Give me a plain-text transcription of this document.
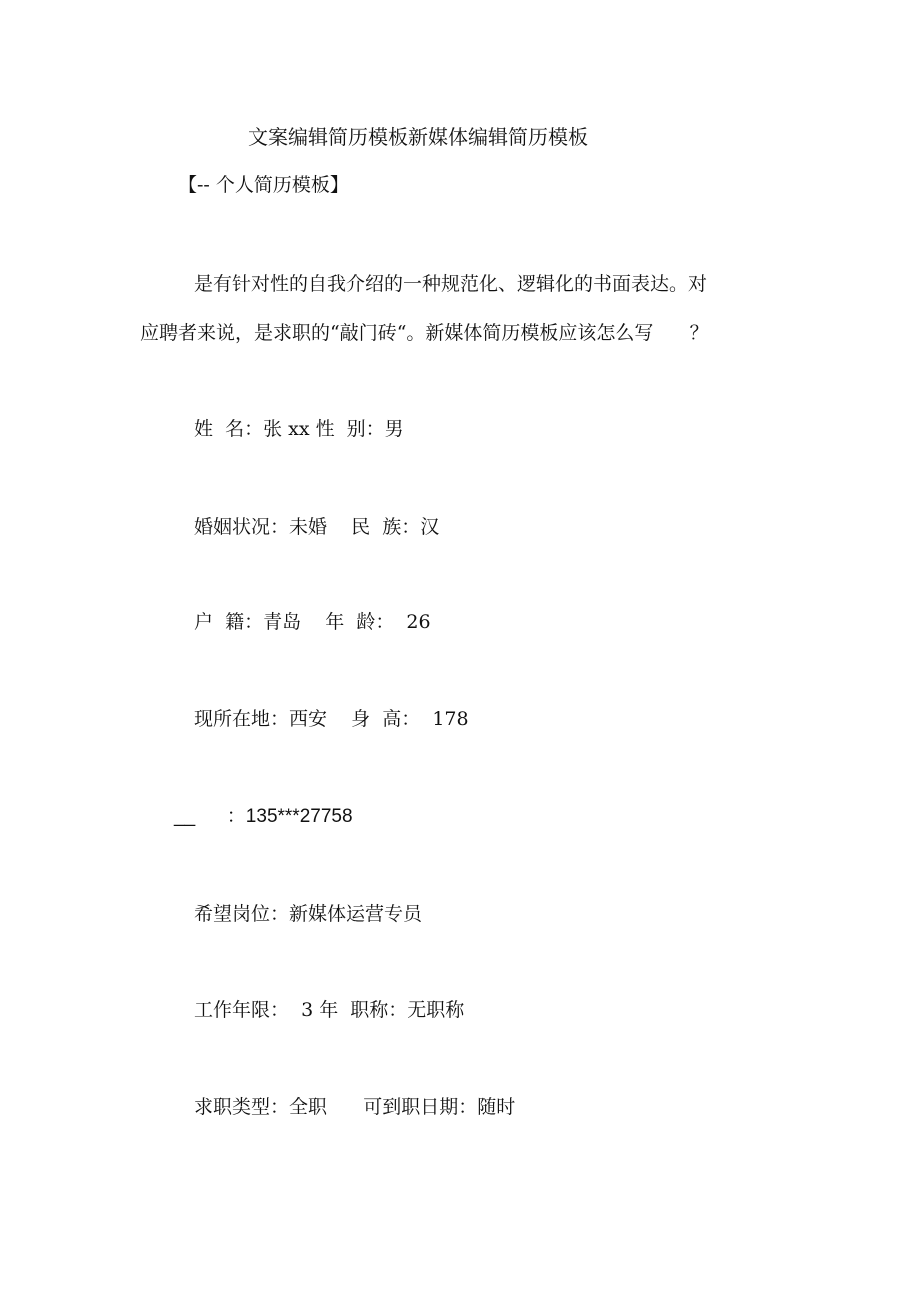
文案编辑简历模板新媒体编辑简历模板
【-- 个人简历模板】
是有针对性的自我介绍的一种规范化、逻辑化的书面表达。对
应聘者来说，是求职的“敲门砖“。新媒体简历模板应该怎么写      ？
姓  名：张 xx 性  别：男
婚姻状况：未婚    民  族：汉
户  籍：青岛    年  龄：  26
现所在地：西安    身  高：  178
__      ：135***27758
希望岗位：新媒体运营专员
工作年限：  3 年  职称：无职称
求职类型：全职      可到职日期：随时
